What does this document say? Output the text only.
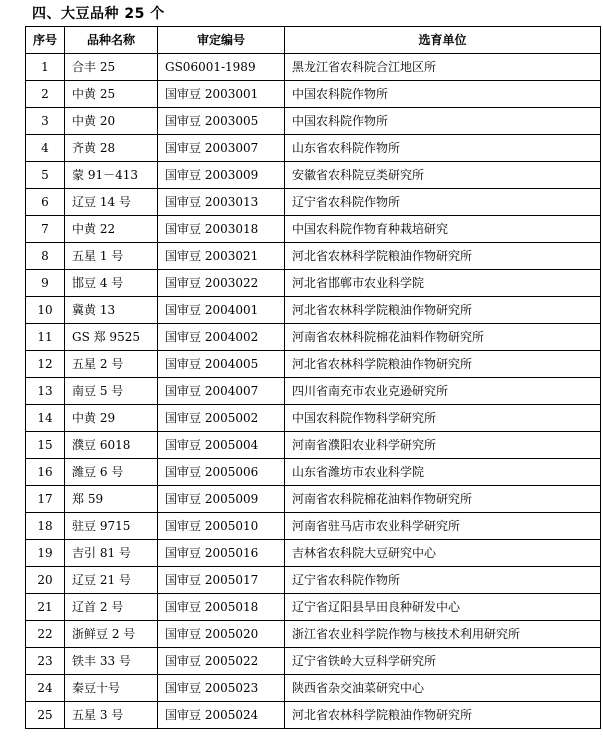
四、大豆品种 25 个
序号	品种名称	审定编号	选育单位
1	合丰 25	GS06001-1989	黑龙江省农科院合江地区所
2	中黄 25	国审豆 2003001	中国农科院作物所
3	中黄 20	国审豆 2003005	中国农科院作物所
4	齐黄 28	国审豆 2003007	山东省农科院作物所
5	蒙 91－413	国审豆 2003009	安徽省农科院豆类研究所
6	辽豆 14 号	国审豆 2003013	辽宁省农科院作物所
7	中黄 22	国审豆 2003018	中国农科院作物育种栽培研究
8	五星 1 号	国审豆 2003021	河北省农林科学院粮油作物研究所
9	邯豆 4 号	国审豆 2003022	河北省邯郸市农业科学院
10	冀黄 13	国审豆 2004001	河北省农林科学院粮油作物研究所
11	GS 郑 9525	国审豆 2004002	河南省农林科院棉花油料作物研究所
12	五星 2 号	国审豆 2004005	河北省农林科学院粮油作物研究所
13	南豆 5 号	国审豆 2004007	四川省南充市农业克逊研究所
14	中黄 29	国审豆 2005002	中国农科院作物科学研究所
15	濮豆 6018	国审豆 2005004	河南省濮阳农业科学研究所
16	潍豆 6 号	国审豆 2005006	山东省潍坊市农业科学院
17	郑 59	国审豆 2005009	河南省农科院棉花油料作物研究所
18	驻豆 9715	国审豆 2005010	河南省驻马店市农业科学研究所
19	吉引 81 号	国审豆 2005016	吉林省农科院大豆研究中心
20	辽豆 21 号	国审豆 2005017	辽宁省农科院作物所
21	辽首 2 号	国审豆 2005018	辽宁省辽阳县旱田良种研发中心
22	浙鲜豆 2 号	国审豆 2005020	浙江省农业科学院作物与核技术利用研究所
23	铁丰 33 号	国审豆 2005022	辽宁省铁岭大豆科学研究所
24	秦豆十号	国审豆 2005023	陕西省杂交油菜研究中心
25	五星 3 号	国审豆 2005024	河北省农林科学院粮油作物研究所
